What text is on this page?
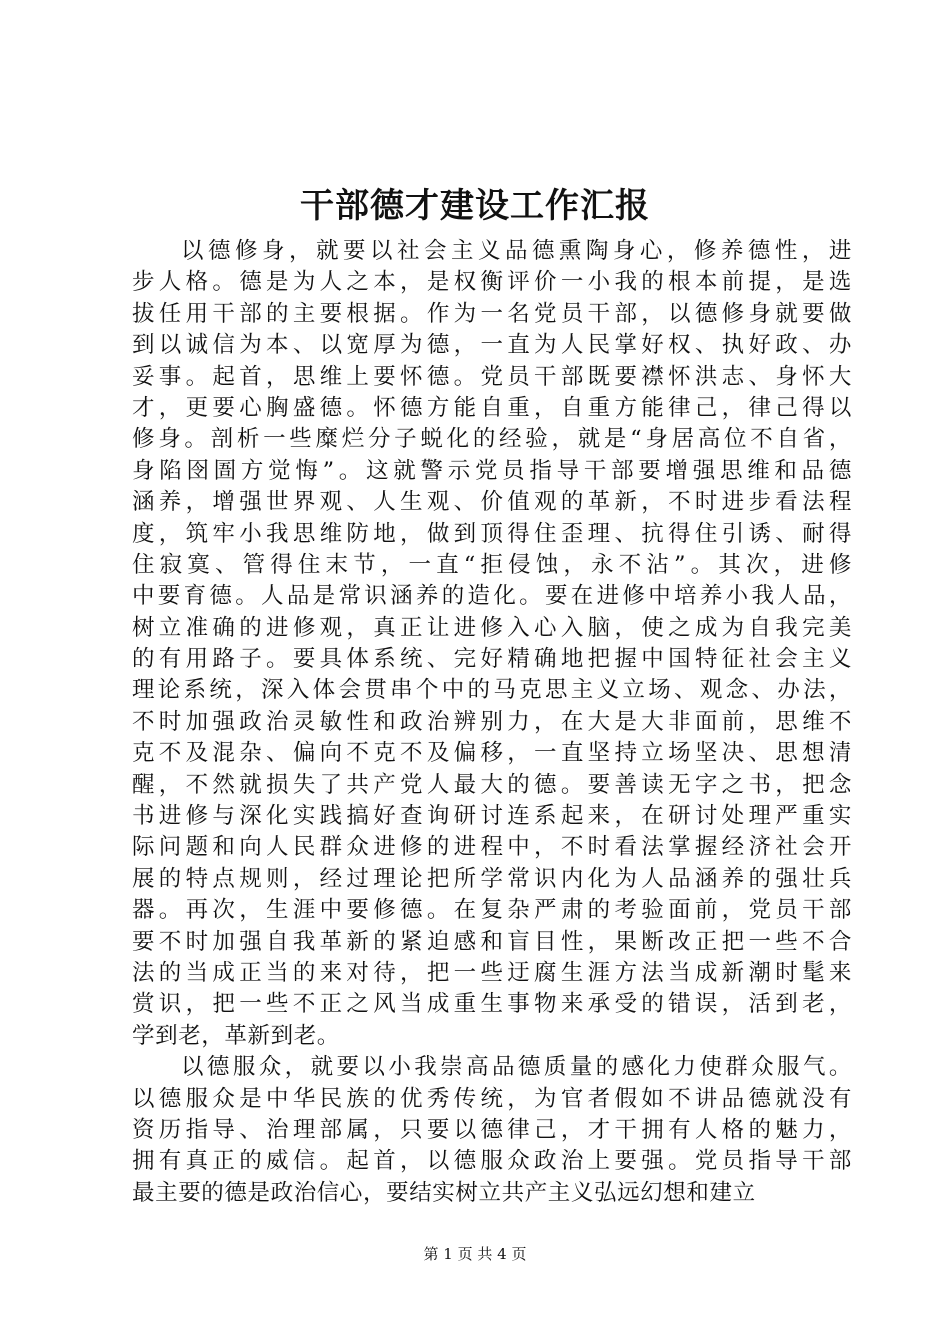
干部德才建设工作汇报
以德修身，就要以社会主义品德熏陶身心，修养德性，进
步人格。德是为人之本，是权衡评价一小我的根本前提，是选
拔任用干部的主要根据。作为一名党员干部，以德修身就要做
到以诚信为本、以宽厚为德，一直为人民掌好权、执好政、办
妥事。起首，思维上要怀德。党员干部既要襟怀洪志、身怀大
才，更要心胸盛德。怀德方能自重，自重方能律己，律己得以
修身。剖析一些糜烂分子蜕化的经验，就是“身居高位不自省，
身陷囹圄方觉悔”。这就警示党员指导干部要增强思维和品德
涵养，增强世界观、人生观、价值观的革新，不时进步看法程
度，筑牢小我思维防地，做到顶得住歪理、抗得住引诱、耐得
住寂寞、管得住末节，一直“拒侵蚀，永不沾”。其次，进修
中要育德。人品是常识涵养的造化。要在进修中培养小我人品，
树立准确的进修观，真正让进修入心入脑，使之成为自我完美
的有用路子。要具体系统、完好精确地把握中国特征社会主义
理论系统，深入体会贯串个中的马克思主义立场、观念、办法，
不时加强政治灵敏性和政治辨别力，在大是大非面前，思维不
克不及混杂、偏向不克不及偏移，一直坚持立场坚决、思想清
醒，不然就损失了共产党人最大的德。要善读无字之书，把念
书进修与深化实践搞好查询研讨连系起来，在研讨处理严重实
际问题和向人民群众进修的进程中，不时看法掌握经济社会开
展的特点规则，经过理论把所学常识内化为人品涵养的强壮兵
器。再次，生涯中要修德。在复杂严肃的考验面前，党员干部
要不时加强自我革新的紧迫感和盲目性，果断改正把一些不合
法的当成正当的来对待，把一些迂腐生涯方法当成新潮时髦来
赏识，把一些不正之风当成重生事物来承受的错误，活到老，
学到老，革新到老。
以德服众，就要以小我崇高品德质量的感化力使群众服气。
以德服众是中华民族的优秀传统，为官者假如不讲品德就没有
资历指导、治理部属，只要以德律己，才干拥有人格的魅力，
拥有真正的威信。起首，以德服众政治上要强。党员指导干部
最主要的德是政治信心，要结实树立共产主义弘远幻想和建立
第 1 页 共 4 页
